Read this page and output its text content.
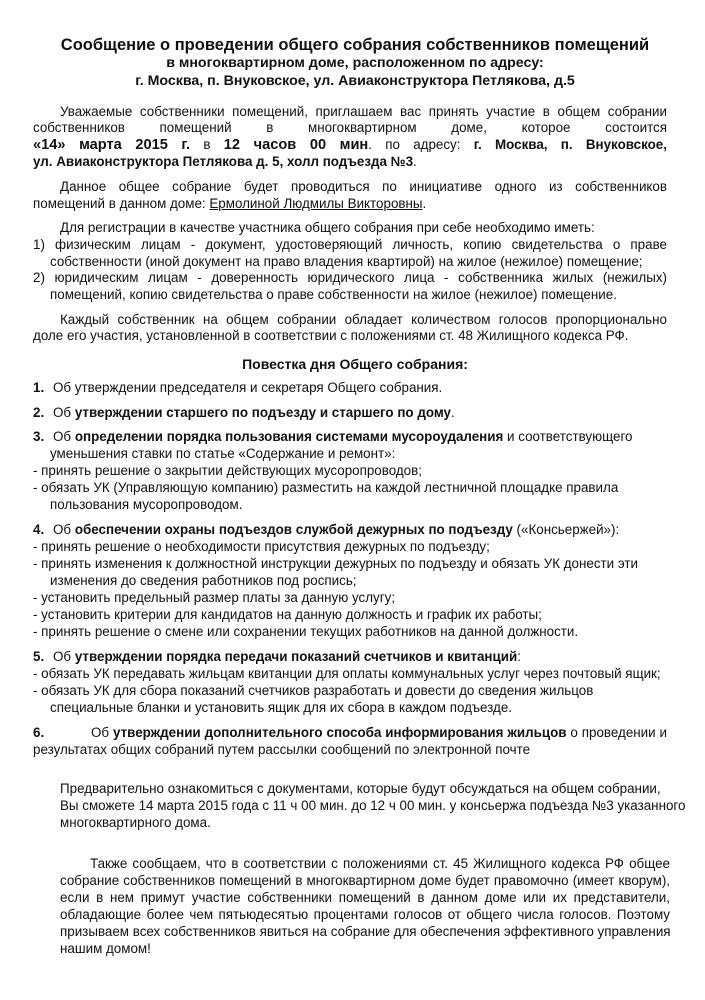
Сообщение о проведении общего собрания собственников помещений
в многоквартирном доме, расположенном по адресу:
г. Москва, п. Внуковское, ул. Авиаконструктора Петлякова, д.5
Уважаемые собственники помещений, приглашаем вас принять участие в общем собрании
собственников помещений в многоквартирном доме, которое состоится
«14» марта 2015 г. в 12 часов 00 мин. по адресу: г. Москва, п. Внуковское,
ул. Авиаконструктора Петлякова д. 5, холл подъезда №3.
Данное общее собрание будет проводиться по инициативе одного из собственников
помещений в данном доме: Ермолиной Людмилы Викторовны.
Для регистрации в качестве участника общего собрания при себе необходимо иметь:
1) физическим лицам - документ, удостоверяющий личность, копию свидетельства о праве
собственности (иной документ на право владения квартирой) на жилое (нежилое) помещение;
2) юридическим лицам - доверенность юридического лица - собственника жилых (нежилых)
помещений, копию свидетельства о праве собственности на жилое (нежилое) помещение.
Каждый собственник на общем собрании обладает количеством голосов пропорционально
доле его участия, установленной в соответствии с положениями ст. 48 Жилищного кодекса РФ.
Повестка дня Общего собрания:
1. Об утверждении председателя и секретаря Общего собрания.
2. Об утверждении старшего по подъезду и старшего по дому.
3. Об определении порядка пользования системами мусороудаления и соответствующего
уменьшения ставки по статье «Содержание и ремонт»:
- принять решение о закрытии действующих мусоропроводов;
- обязать УК (Управляющую компанию) разместить на каждой лестничной площадке правила
пользования мусоропроводом.
4. Об обеспечении охраны подъездов службой дежурных по подъезду («Консьержей»):
- принять решение о необходимости присутствия дежурных по подъезду;
- принять изменения к должностной инструкции дежурных по подъезду и обязать УК донести эти
изменения до сведения работников под роспись;
- установить предельный размер платы за данную услугу;
- установить критерии для кандидатов на данную должность и график их работы;
- принять решение о смене или сохранении текущих работников на данной должности.
5. Об утверждении порядка передачи показаний счетчиков и квитанций:
- обязать УК передавать жильцам квитанции для оплаты коммунальных услуг через почтовый ящик;
- обязать УК для сбора показаний счетчиков разработать и довести до сведения жильцов
специальные бланки и установить ящик для их сбора в каждом подъезде.
6.	Об утверждении дополнительного способа информирования жильцов о проведении и
результатах общих собраний путем рассылки сообщений по электронной почте
Предварительно ознакомиться с документами, которые будут обсуждаться на общем собрании,
Вы сможете 14 марта 2015 года с 11 ч 00 мин. до 12 ч 00 мин. у консьержа подъезда №3 указанного
многоквартирного дома.
Также сообщаем, что в соответствии с положениями ст. 45 Жилищного кодекса РФ общее
собрание собственников помещений в многоквартирном доме будет правомочно (имеет кворум),
если в нем примут участие собственники помещений в данном доме или их представители,
обладающие более чем пятьюдесятью процентами голосов от общего числа голосов. Поэтому
призываем всех собственников явиться на собрание для обеспечения эффективного управления
нашим домом!
